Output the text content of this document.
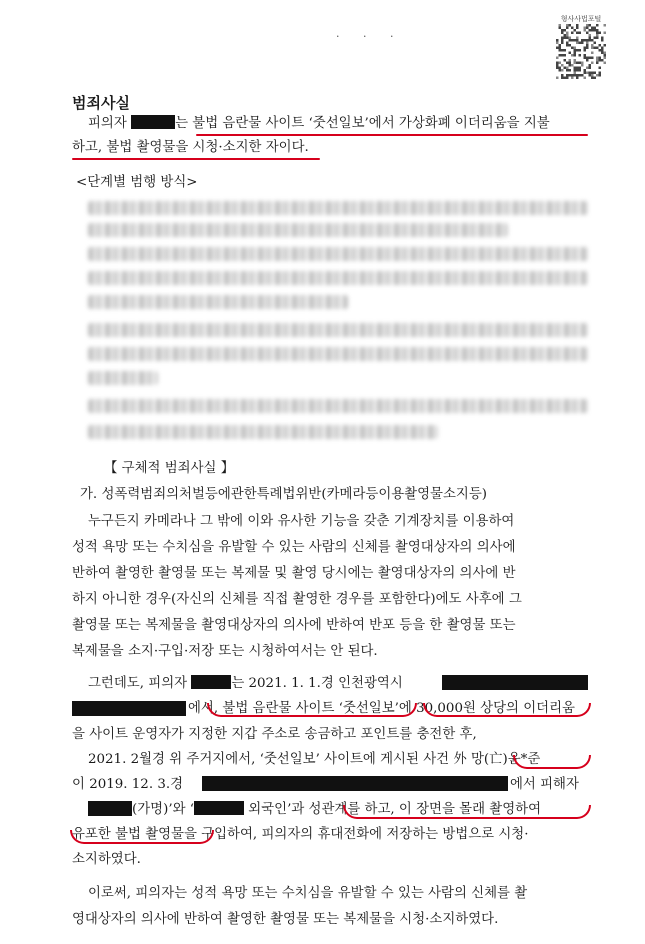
· · ·
형사사법포털
범죄사실
피의자	는 불법 음란물 사이트 ‘줏선일보’에서 가상화폐 이더리움을 지불
하고, 불법 촬영물을 시청·소지한 자이다.
<단계별 범행 방식>
【 구체적 범죄사실 】
가. 성폭력범죄의처벌등에관한특례법위반(카메라등이용촬영물소지등)
누구든지 카메라나 그 밖에 이와 유사한 기능을 갖춘 기계장치를 이용하여
성적 욕망 또는 수치심을 유발할 수 있는 사람의 신체를 촬영대상자의 의사에
반하여 촬영한 촬영물 또는 복제물 및 촬영 당시에는 촬영대상자의 의사에 반
하지 아니한 경우(자신의 신체를 직접 촬영한 경우를 포함한다)에도 사후에 그
촬영물 또는 복제물을 촬영대상자의 의사에 반하여 반포 등을 한 촬영물 또는
복제물을 소지·구입·저장 또는 시청하여서는 안 된다.
그런데도, 피의자	는 2021. 1. 1.경 인천광역시
에서, 불법 음란물 사이트 ‘줏선일보’에 30,000원 상당의 이더리움
을 사이트 운영자가 지정한 지갑 주소로 송금하고 포인트를 충전한 후,
2021. 2월경 위 주거지에서, ‘줏선일보’ 사이트에 게시된 사건 外 망(亡)윤*준
이 2019. 12. 3.경	에서 피해자
(가명)’와 ‘	외국인’과 성관계를 하고, 이 장면을 몰래 촬영하여
유포한 불법 촬영물을 구입하여, 피의자의 휴대전화에 저장하는 방법으로 시청·
소지하였다.
이로써, 피의자는 성적 욕망 또는 수치심을 유발할 수 있는 사람의 신체를 촬
영대상자의 의사에 반하여 촬영한 촬영물 또는 복제물을 시청·소지하였다.
